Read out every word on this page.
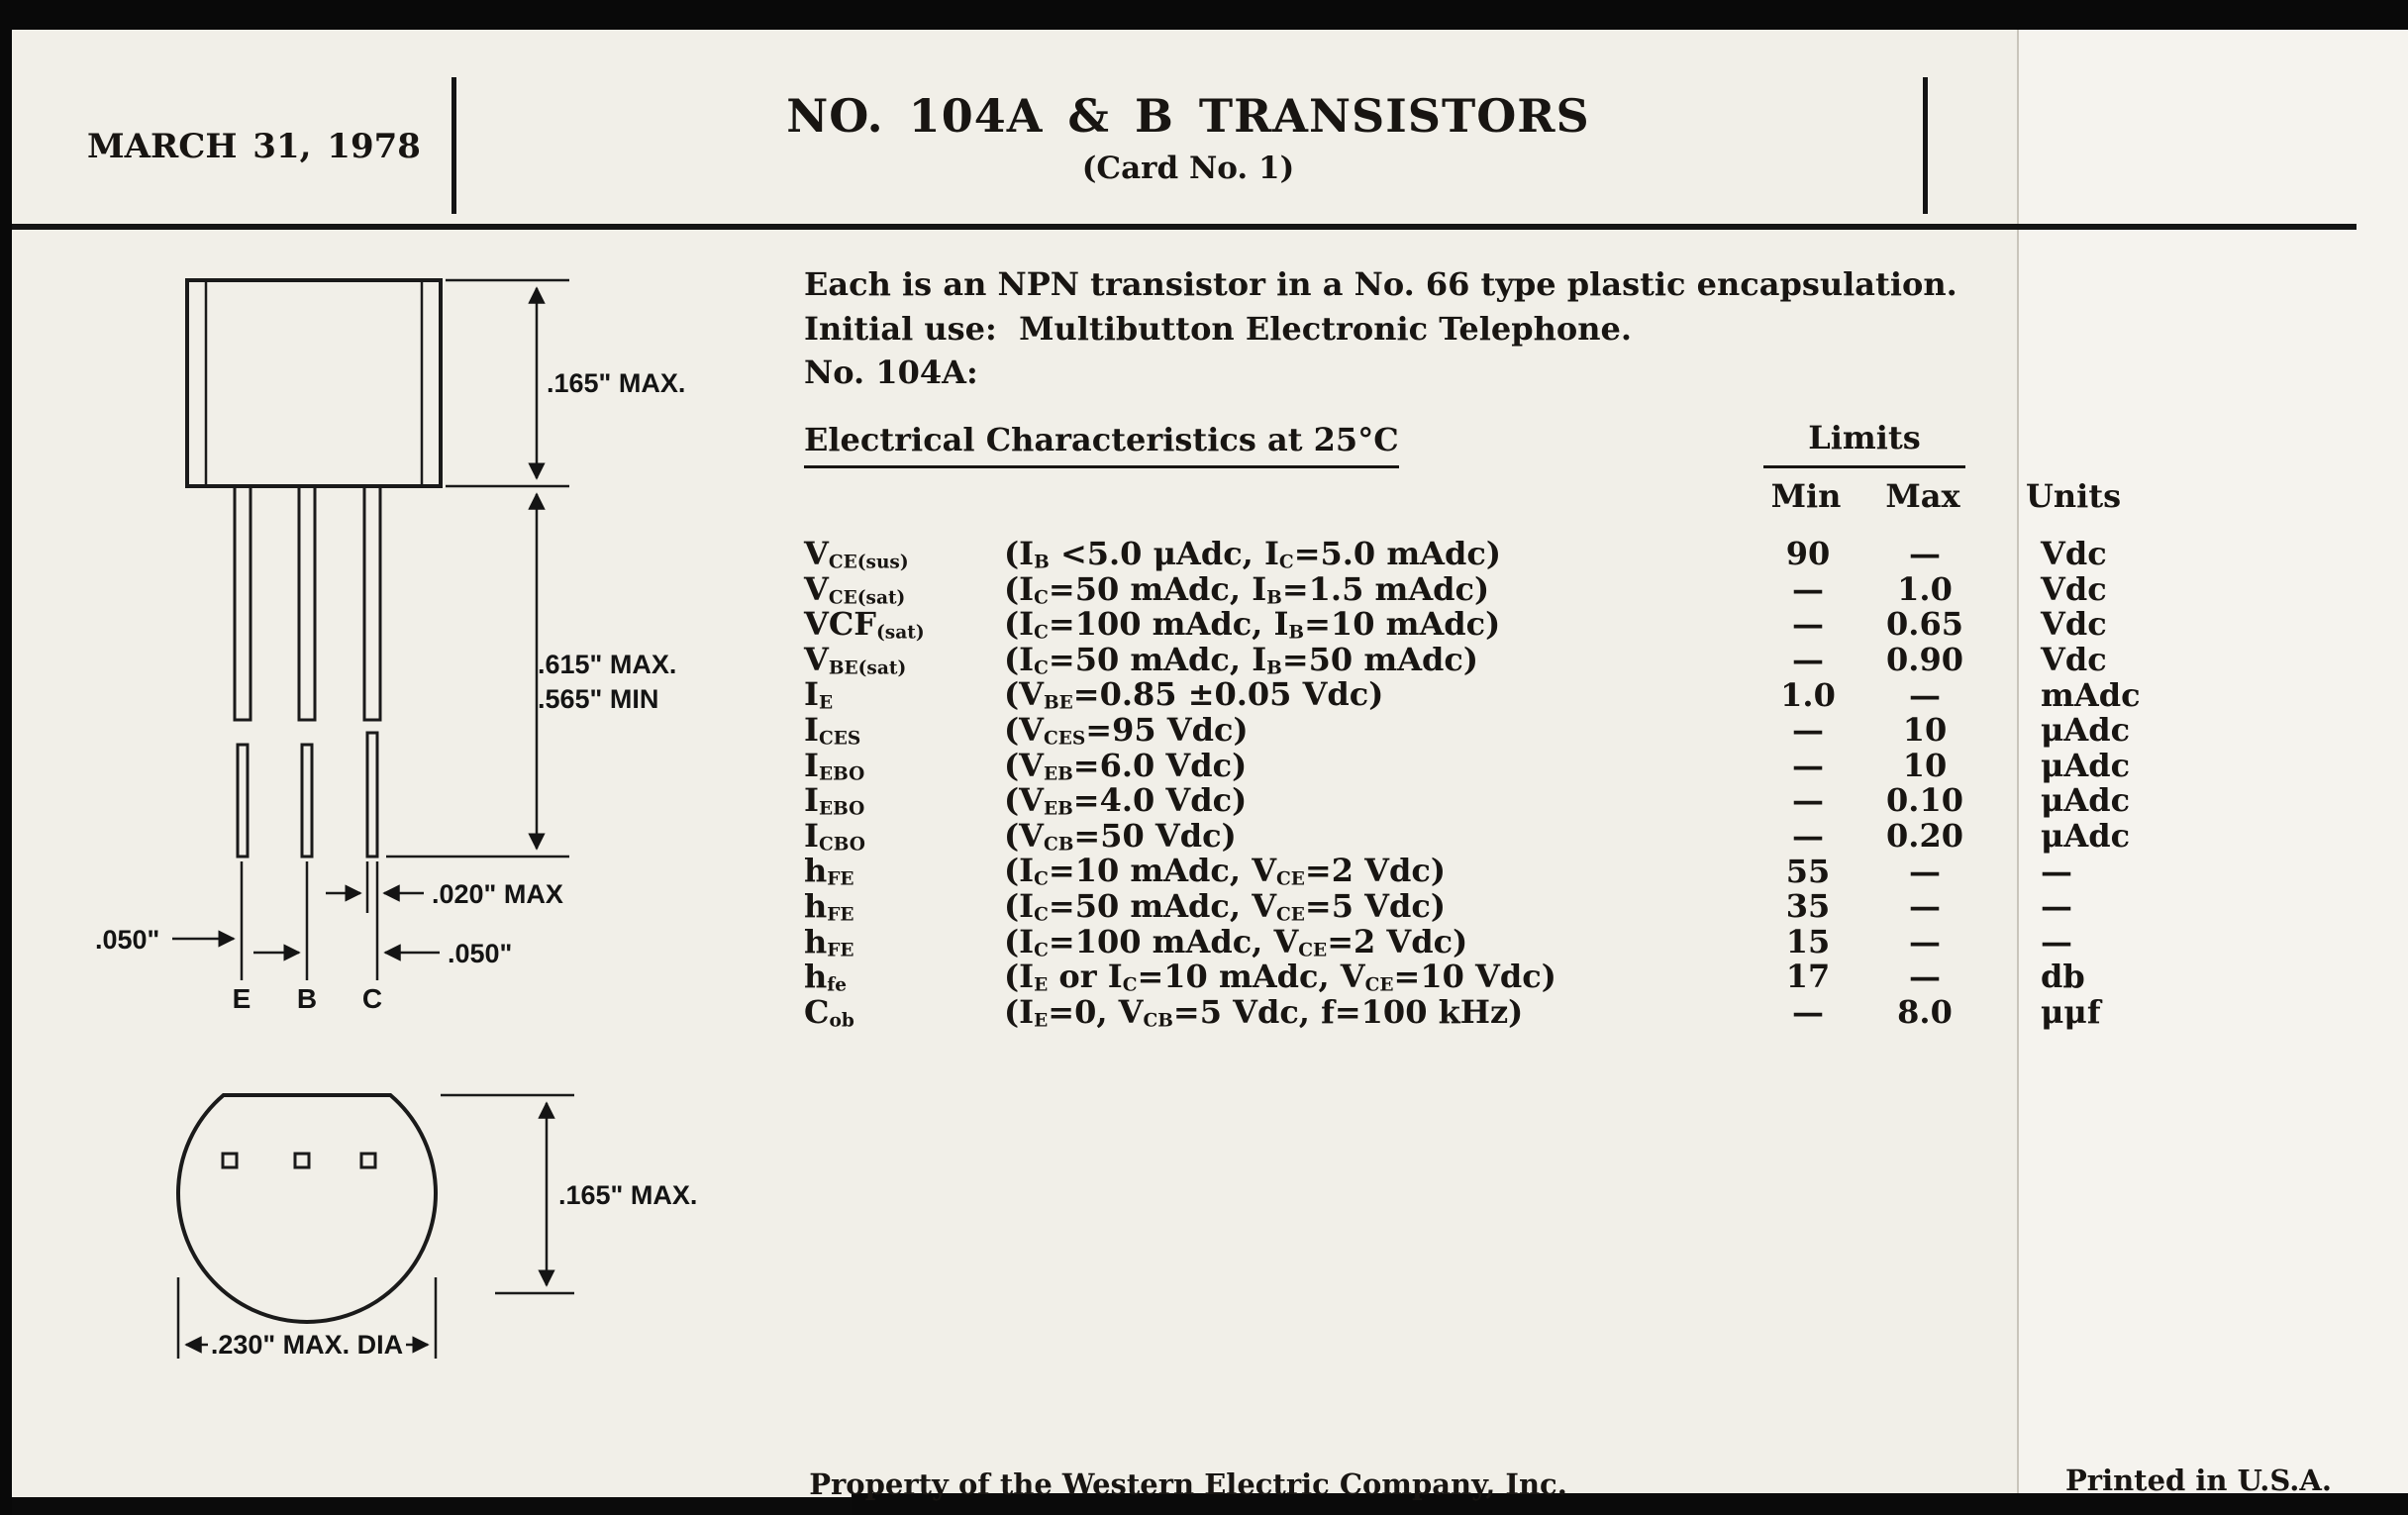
MARCH 31, 1978
NO. 104A & B TRANSISTORS
(Card No. 1)
Each is an NPN transistor in a No. 66 type plastic encapsulation.
Initial use:  Multibutton Electronic Telephone.
No. 104A:
Electrical Characteristics at 25°C	Limits
Min	Max	Units
$V_{CE(sus)}$	($I_B <5.0$ μAdc, $I_C=5.0$ mAdc)	90	—	Vdc
$V_{CE(sat)}$	($I_C=50$ mAdc, $I_B=1.5$ mAdc)	—	1.0	Vdc
$VCF_{(sat)}$	($I_C=100$ mAdc, $I_B=10$ mAdc)	—	0.65	Vdc
$V_{BE(sat)}$	($I_C=50$ mAdc, $I_B=50$ mAdc)	—	0.90	Vdc
$I_E$	($V_{BE}=0.85 \pm 0.05$ Vdc)	1.0	—	mAdc
$I_{CES}$	($V_{CES}=95$ Vdc)	—	10	μAdc
$I_{EBO}$	($V_{EB}=6.0$ Vdc)	—	10	μAdc
$I_{EBO}$	($V_{EB}=4.0$ Vdc)	—	0.10	μAdc
$I_{CBO}$	($V_{CB}=50$ Vdc)	—	0.20	μAdc
$h_{FE}$	($I_C=10$ mAdc, $V_{CE}=2$ Vdc)	55	—	—
$h_{FE}$	($I_C=50$ mAdc, $V_{CE}=5$ Vdc)	35	—	—
$h_{FE}$	($I_C=100$ mAdc, $V_{CE}=2$ Vdc)	15	—	—
$h_{fe}$	($I_E$ or $I_C=10$ mAdc, $V_{CE}=10$ Vdc)	17	—	db
$C_{ob}$	($I_E=0$, $V_{CB}=5$ Vdc, f=100 kHz)	—	8.0	μμf
.165" MAX.
.615" MAX.
.565" MIN
.020" MAX
.050"	.050"
E B C
.165" MAX.
.230" MAX. DIA
Property of the Western Electric Company, Inc.	Printed in U.S.A.
